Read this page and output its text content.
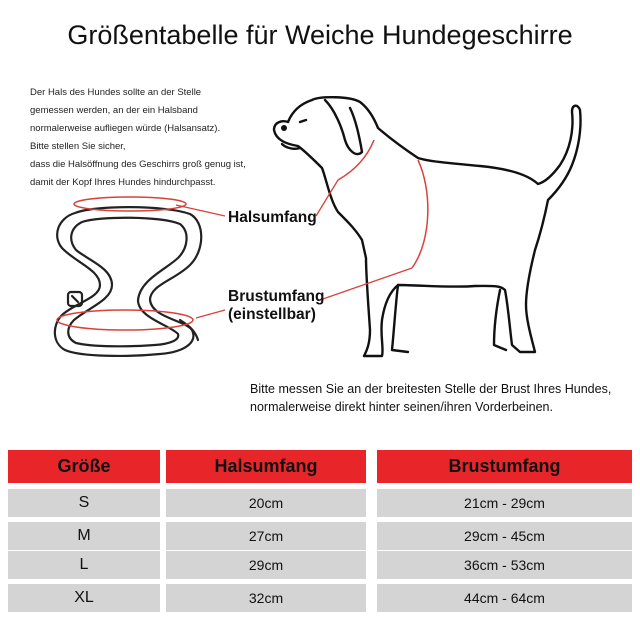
Größentabelle für Weiche Hundegeschirre
Der Hals des Hundes sollte an der Stelle
gemessen werden, an der ein Halsband
normalerweise aufliegen würde (Halsansatz).
Bitte stellen Sie sicher,
dass die Halsöffnung des Geschirrs groß genug ist,
damit der Kopf Ihres Hundes hindurchpasst.
Halsumfang
Brustumfang
(einstellbar)
Bitte messen Sie an der breitesten Stelle der Brust Ihres Hundes,
normalerweise direkt hinter seinen/ihren Vorderbeinen.
Größe	Halsumfang	Brustumfang
S	20cm	21cm - 29cm
M	27cm	29cm - 45cm
L	29cm	36cm - 53cm
XL	32cm	44cm - 64cm
